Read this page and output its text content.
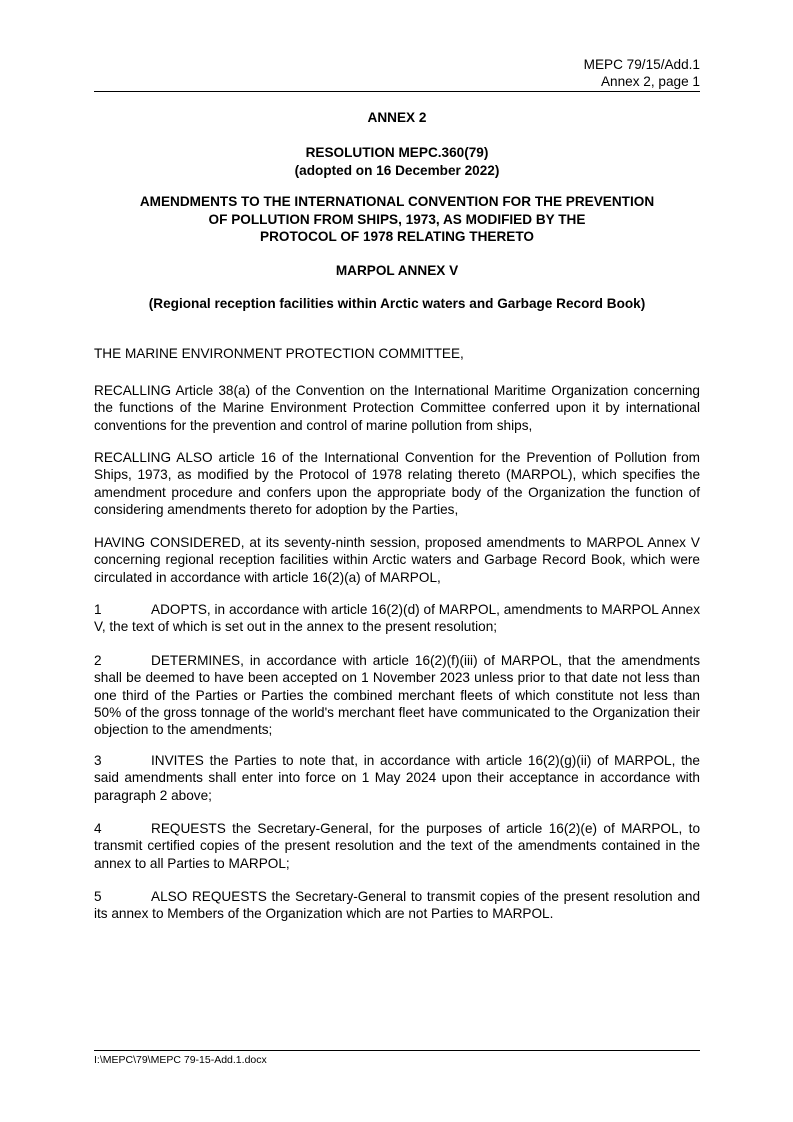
MEPC 79/15/Add.1
Annex 2, page 1
ANNEX 2
RESOLUTION MEPC.360(79)
(adopted on 16 December 2022)
AMENDMENTS TO THE INTERNATIONAL CONVENTION FOR THE PREVENTION
OF POLLUTION FROM SHIPS, 1973, AS MODIFIED BY THE
PROTOCOL OF 1978 RELATING THERETO
MARPOL ANNEX V
(Regional reception facilities within Arctic waters and Garbage Record Book)
THE MARINE ENVIRONMENT PROTECTION COMMITTEE,
RECALLING Article 38(a) of the Convention on the International Maritime Organization concerning the functions of the Marine Environment Protection Committee conferred upon it by international conventions for the prevention and control of marine pollution from ships,
RECALLING ALSO article 16 of the International Convention for the Prevention of Pollution from Ships, 1973, as modified by the Protocol of 1978 relating thereto (MARPOL), which specifies the amendment procedure and confers upon the appropriate body of the Organization the function of considering amendments thereto for adoption by the Parties,
HAVING CONSIDERED, at its seventy-ninth session, proposed amendments to MARPOL Annex V concerning regional reception facilities within Arctic waters and Garbage Record Book, which were circulated in accordance with article 16(2)(a) of MARPOL,
1	ADOPTS, in accordance with article 16(2)(d) of MARPOL, amendments to MARPOL Annex V, the text of which is set out in the annex to the present resolution;
2	DETERMINES, in accordance with article 16(2)(f)(iii) of MARPOL, that the amendments shall be deemed to have been accepted on 1 November 2023 unless prior to that date not less than one third of the Parties or Parties the combined merchant fleets of which constitute not less than 50% of the gross tonnage of the world's merchant fleet have communicated to the Organization their objection to the amendments;
3	INVITES the Parties to note that, in accordance with article 16(2)(g)(ii) of MARPOL, the said amendments shall enter into force on 1 May 2024 upon their acceptance in accordance with paragraph 2 above;
4	REQUESTS the Secretary-General, for the purposes of article 16(2)(e) of MARPOL, to transmit certified copies of the present resolution and the text of the amendments contained in the annex to all Parties to MARPOL;
5	ALSO REQUESTS the Secretary-General to transmit copies of the present resolution and its annex to Members of the Organization which are not Parties to MARPOL.
I:\MEPC\79\MEPC 79-15-Add.1.docx
